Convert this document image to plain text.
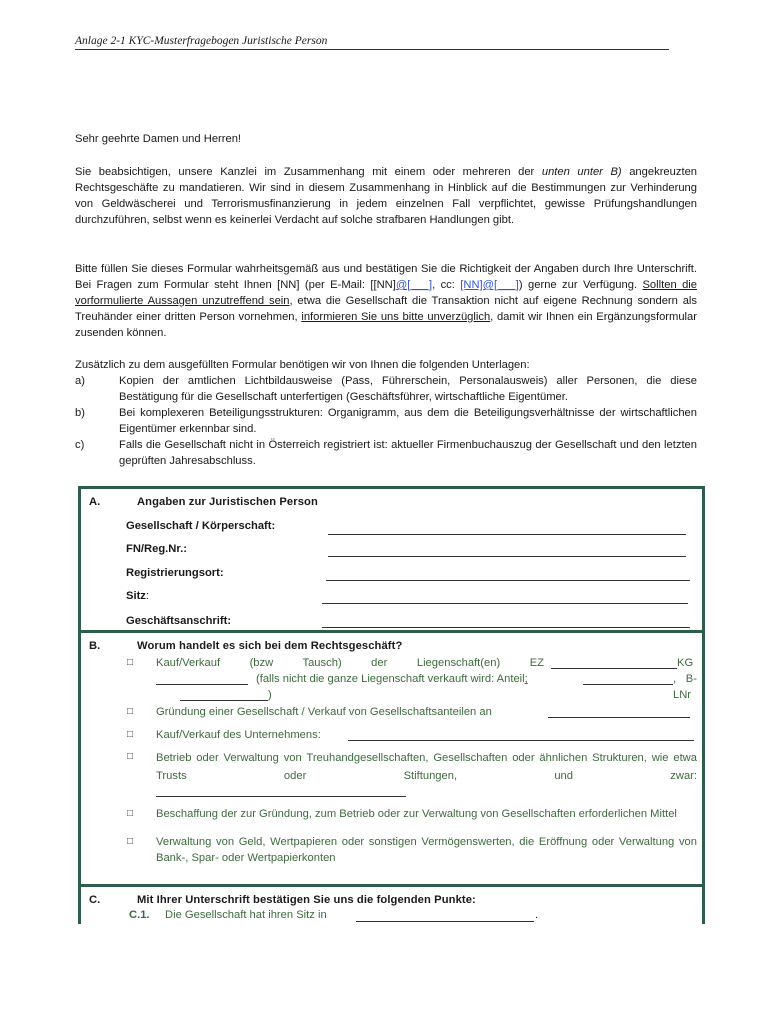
Anlage 2-1 KYC-Musterfragebogen Juristische Person
Sehr geehrte Damen und Herren!
Sie beabsichtigen, unsere Kanzlei im Zusammenhang mit einem oder mehreren der unten unter B) angekreuzten Rechtsgeschäfte zu mandatieren. Wir sind in diesem Zusammenhang in Hinblick auf die Bestimmungen zur Verhinderung von Geldwäscherei und Terrorismusfinanzierung in jedem einzelnen Fall verpflichtet, gewisse Prüfungshandlungen durchzuführen, selbst wenn es keinerlei Verdacht auf solche strafbaren Handlungen gibt.
Bitte füllen Sie dieses Formular wahrheitsgemäß aus und bestätigen Sie die Richtigkeit der Angaben durch Ihre Unterschrift. Bei Fragen zum Formular steht Ihnen [NN] (per E-Mail: [[NN]@[___], cc: [NN]@[___]) gerne zur Verfügung. Sollten die vorformulierte Aussagen unzutreffend sein, etwa die Gesellschaft die Transaktion nicht auf eigene Rechnung sondern als Treuhänder einer dritten Person vornehmen, informieren Sie uns bitte unverzüglich, damit wir Ihnen ein Ergänzungsformular zusenden können.
Zusätzlich zu dem ausgefüllten Formular benötigen wir von Ihnen die folgenden Unterlagen:
a)	Kopien der amtlichen Lichtbildausweise (Pass, Führerschein, Personalausweis) aller Personen, die diese Bestätigung für die Gesellschaft unterfertigen (Geschäftsführer, wirtschaftliche Eigentümer.
b)	Bei komplexeren Beteiligungsstrukturen: Organigramm, aus dem die Beteiligungsverhältnisse der wirtschaftlichen Eigentümer erkennbar sind.
c)	Falls die Gesellschaft nicht in Österreich registriert ist: aktueller Firmenbuchauszug der Gesellschaft und den letzten geprüften Jahresabschluss.
A.	Angaben zur Juristischen Person
Gesellschaft / Körperschaft:
FN/Reg.Nr.:
Registrierungsort:
Sitz:
Geschäftsanschrift:
B.	Worum handelt es sich bei dem Rechtsgeschäft?
□ Kauf/Verkauf (bzw Tausch) der Liegenschaft(en) EZ	KG
(falls nicht die ganze Liegenschaft verkauft wird: Anteil;	, B-LNr
)
□ Gründung einer Gesellschaft / Verkauf von Gesellschaftsanteilen an
□ Kauf/Verkauf des Unternehmens:
□ Betrieb oder Verwaltung von Treuhandgesellschaften, Gesellschaften oder ähnlichen Strukturen, wie etwa Trusts oder Stiftungen, und zwar:
□ Beschaffung der zur Gründung, zum Betrieb oder zur Verwaltung von Gesellschaften erforderlichen Mittel
□ Verwaltung von Geld, Wertpapieren oder sonstigen Vermögenswerten, die Eröffnung oder Verwaltung von Bank-, Spar- oder Wertpapierkonten
C.	Mit Ihrer Unterschrift bestätigen Sie uns die folgenden Punkte:
C.1. Die Gesellschaft hat ihren Sitz in	.
